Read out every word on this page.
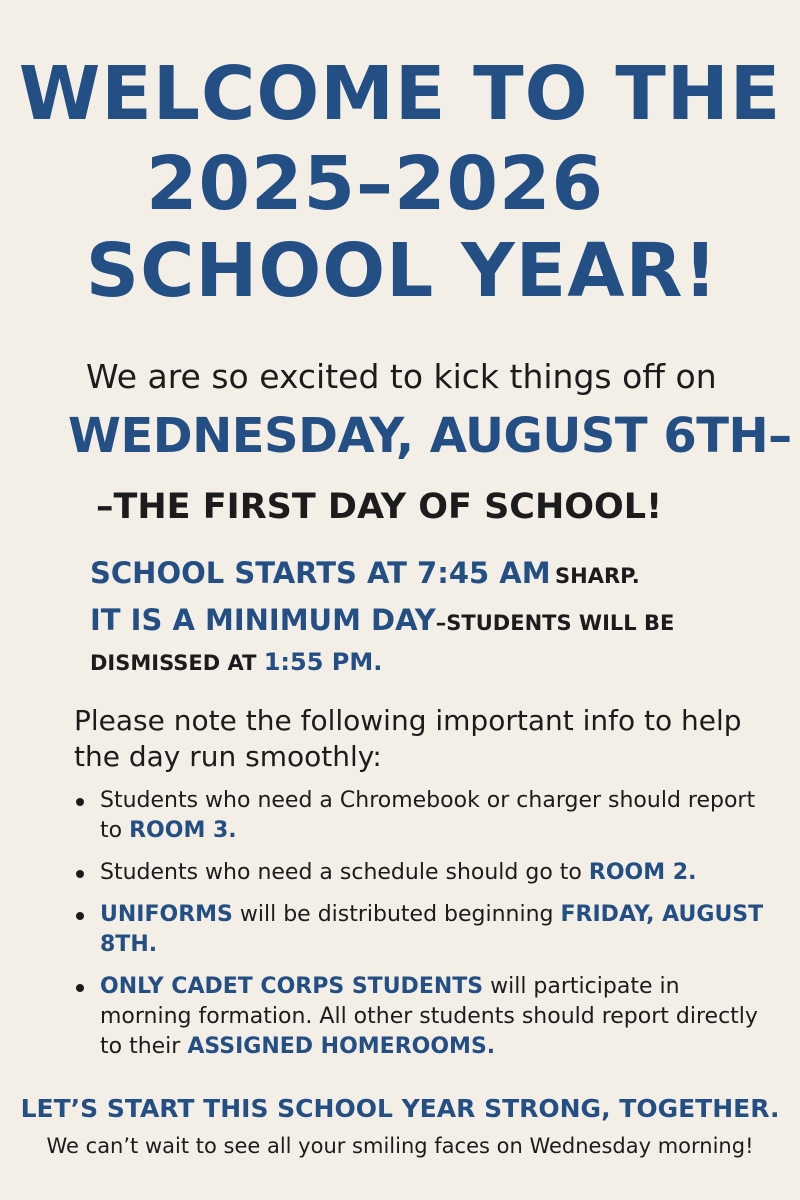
WELCOME TO THE
2025–2026
SCHOOL YEAR!
We are so excited to kick things off on
WEDNESDAY, AUGUST 6TH–
–THE FIRST DAY OF SCHOOL!
SCHOOL STARTS AT 7:45 AM SHARP.
IT IS A MINIMUM DAY–STUDENTS WILL BE
DISMISSED AT 1:55 PM.

Please note the following important info to help the day run smoothly:

Students who need a Chromebook or charger should report to ROOM 3.
Students who need a schedule should go to ROOM 2.
UNIFORMS will be distributed beginning FRIDAY, AUGUST 8TH.
ONLY CADET CORPS STUDENTS will participate in morning formation. All other students should report directly to their ASSIGNED HOMEROOMS.
LET’S START THIS SCHOOL YEAR STRONG, TOGETHER.
We can’t wait to see all your smiling faces on Wednesday morning!
